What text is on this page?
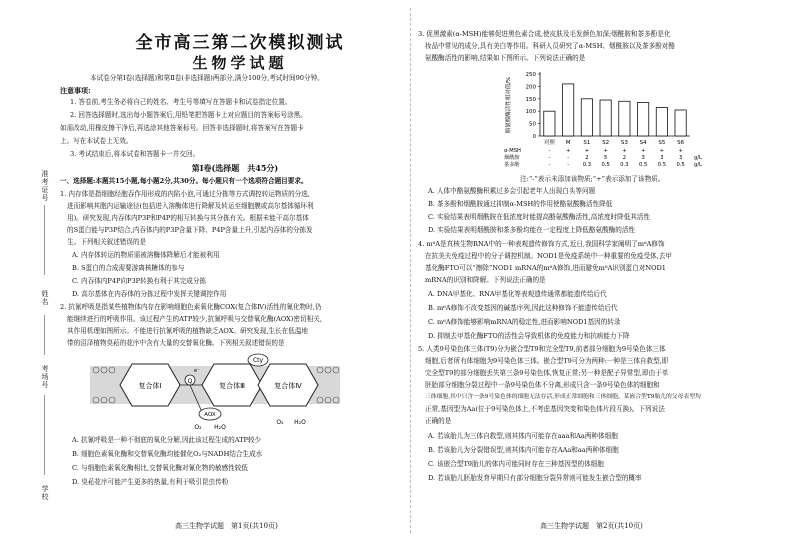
准考证号
姓名
考场号
学校
全市高三第二次模拟测试
生物学试题
本试卷分第Ⅰ卷(选择题)和第Ⅱ卷(非选择题)两部分,满分100分,考试时间90分钟。
注意事项:
1. 答卷前,考生务必将自己的姓名、考生号等填写在答题卡和试卷指定位置。
2. 回答选择题时,选出每小题答案后,用铅笔把答题卡上对应题目的答案标号涂黑。
如需改动,用橡皮擦干净后,再选涂其他答案标号。回答非选择题时,将答案写在答题卡
上。写在本试卷上无效。
3. 考试结束后,将本试卷和答题卡一并交回。
第Ⅰ卷(选择题　共45分)
一、选择题:本题共15小题,每小题2分,共30分。每小题只有一个选项符合题目要求。
1. 内存体是指细胞经胞吞作用形成的内陷小泡,可通过分拣等方式调控转运物质的分选,
进而影响其胞内运输途径(包括进入溶酶体进行降解及转运至细胞膜或高尔基体循环利
用)。研究发现,内吞体内P3P和P4P的相互转换与其分拣有关。根据未能干高尔基体
的S蛋白能与P3P结合,内吞体内的P3P含量下降、P4P含量上升,引起内吞体的分拣发
生。下列相关叙述错误的是
A. 内存体转运的物质需被溶酶体降解后才能被利用
B. S蛋白的合成需要游离核糖体的参与
C. 内吞体内P4P向P3P转换有利于其完成分拣
D. 高尔基体在内吞体的分拣过程中发挥关键调控作用
2. 抗氰呼吸是指某些植物体内存在影响细胞色素氧化酶COX(复合体Ⅳ)活性的氰化物时,仍
能继续进行的呼吸作用。该过程产生的ATP较少,抗氰呼吸与交替氧化酶(AOX)密切相关,
其作用机理如图所示。不能进行抗氰呼吸的植物缺乏AOX。研究发现,生长在低温地
带的沼泽植物臭菘的花序中含有大量的交替氧化酶。下列相关叙述错误的是
复合体Ⅰ	复合体Ⅲ	复合体Ⅳ
Q
e⁻
Cty
AOX
O₂ H₂O
O₂ H₂O
A. 抗氰呼吸是一种不彻底的氧化分解,因此该过程生成的ATP较少
B. 细胞色素氧化酶和交替氧化酶均能催化O₂与NADH结合生成水
C. 与细胞色素氧化酶相比,交替氧化酶对氰化物的敏感性较低
D. 臭菘花序可能产生更多的热量,有利于吸引昆虫传粉
高三生物学试题　第1页(共10页)
3. 促黑激素(α-MSH)能够促进黑色素合成,使皮肤及毛发颜色加深;烟酰胺和茶多酚是化
妆品中常见的成分,具有美白等作用。科研人员研究了α-MSH、烟酰胺以及茶多酚对酪
氨酸酶活性的影响,结果如下图所示。下列说法正确的是
0
50
100
150
200
250
对照 M S1 S2 S3 S4 S5 S6
α-MSH	-	+	+	+	+	+	+	+
烟酰胺	-	-	2	5	2	3	3	3 g/L
茶多酚	-	-	0.3 0.5 0.3 0.5 0.5 0.5 g/L
酪氨酸酶活性相对值/%
注:“-”表示未添加该物质;“+”表示添加了该物质。
A. 人体中酪氨酸酶积累过多会引起老年人出现白头等问题
B. 茶多酚和烟酰胺通过抑制α-MSH的作用使酪氨酸酶活性降低
C. 实验结果表明烟酰胺在低浓度时能提高酪氨酸酶活性,高浓度时降低其活性
D. 实验结果表明烟酰胺和茶多酚均能在一定程度上降低酪氨酸酶的活性
4. m⁶A是真核生物RNA中的一种表观遗传修饰方式,近日,我国科学家阐明了m⁶A修饰
在抗美夫免疫过程中的分子调控机制。NOD1是免疫系统中一种重要的免疫受体,去甲
基化酶FTO可以“擦除”NOD1 mRNA的m⁶A修饰,进而避免m⁶A识别蛋白对NOD1
mRNA的识别和降解。下列说法正确的是
A. DNA甲基化、RNA甲基化等表观遗传通常都能遗传给后代
B. m⁶A修饰不改变基因的碱基序列,因此这种修饰不能遗传给后代
C. m⁶A修饰能够影响mRNA的稳定性,进而影响NOD1基因的转录
D. 抑制去甲基化酶FTO的活性会导致机体的免疫能力和抗病能力下降
5. 人类9号染色体三体(T9)分为嵌合型T9和完全型T9,前者部分细胞为9号染色体三体
细胞,后者所有体细胞为9号染色体三体。嵌合型T9可分为两种:一种是三体自救型,即
完全型T9的部分细胞丢失第三条9号染色体,恢复正常;另一种是配子异常型,即由于单
胚胎部分细胞分裂过程中一条9号染色体不分离,形成只含一条9号染色体的细胞和
三体细胞,其中只含一条9号染色体的细胞无法存活,形成正常细胞和三体细胞。某嵌合型T9胎儿的父母表型均
正常,基因型为Aa(位于9号染色体上,不考虑基因突变和染色体片段互换)。下列说法
正确的是
A. 若该胎儿为三体自救型,则其体内可能存在aaa和Aa两种体细胞
B. 若该胎儿为分裂错误型,则其体内可能存在AAa和aa两种体细胞
C. 该嵌合型T9胎儿的体内可能同时存在三种基因型的体细胞
D. 若该胎儿胚胎发育早期只有部分细胞分裂异常则可能发生嵌合型的概率
高三生物学试题　第2页(共10页)
